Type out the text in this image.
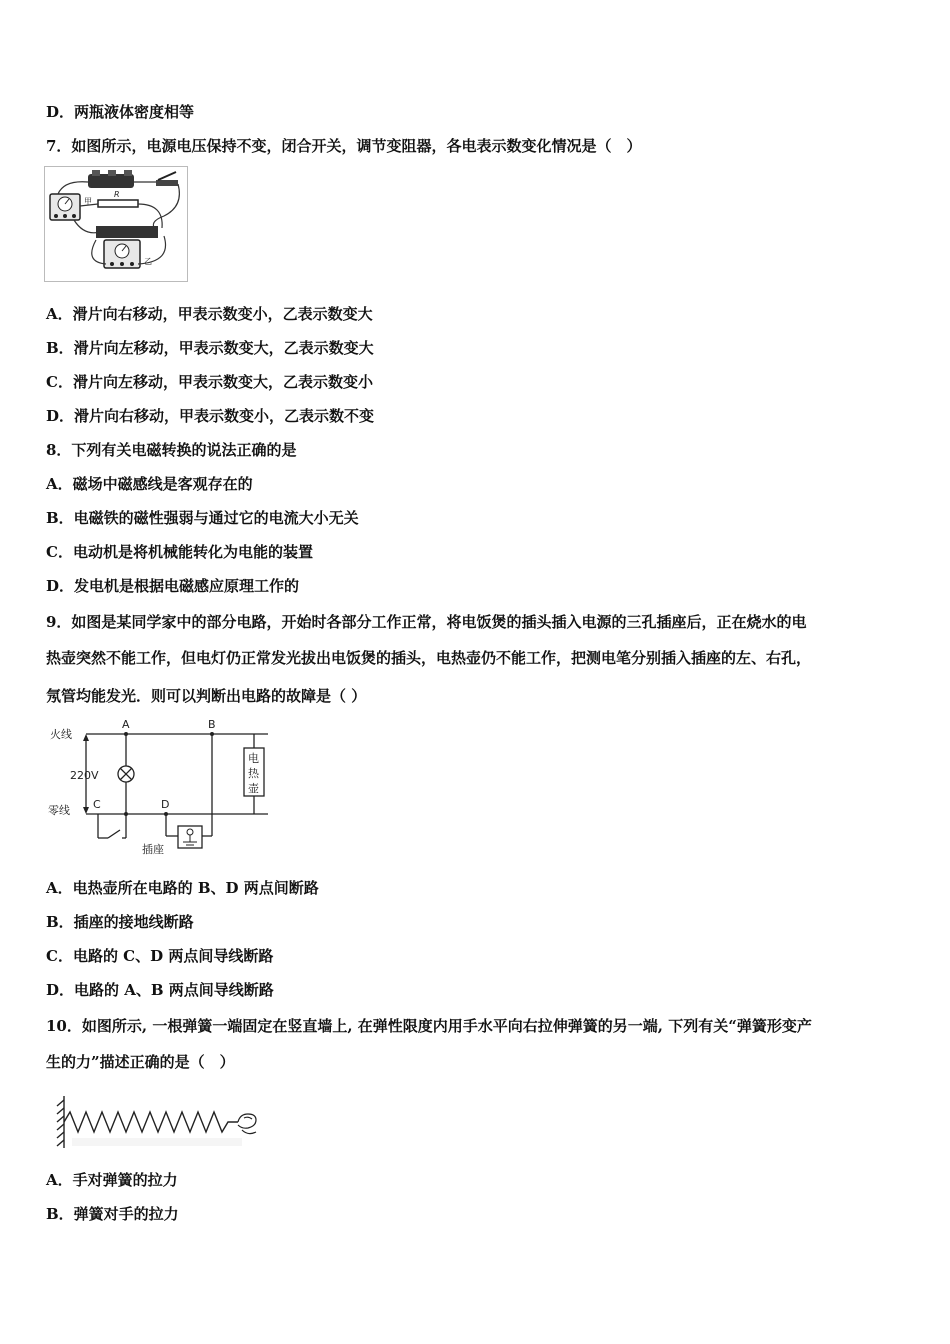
D．两瓶液体密度相等
7．如图所示，电源电压保持不变，闭合开关，调节变阻器，各电表示数变化情况是（　）
甲
R
乙
A．滑片向右移动，甲表示数变小，乙表示数变大
B．滑片向左移动，甲表示数变大，乙表示数变大
C．滑片向左移动，甲表示数变大，乙表示数变小
D．滑片向右移动，甲表示数变小，乙表示数不变
8．下列有关电磁转换的说法正确的是
A．磁场中磁感线是客观存在的
B．电磁铁的磁性强弱与通过它的电流大小无关
C．电动机是将机械能转化为电能的装置
D．发电机是根据电磁感应原理工作的
9．如图是某同学家中的部分电路，开始时各部分工作正常，将电饭煲的插头插入电源的三孔插座后，正在烧水的电
热壶突然不能工作，但电灯仍正常发光拔出电饭煲的插头，电热壶仍不能工作，把测电笔分别插入插座的左、右孔，
氖管均能发光．则可以判断出电路的故障是（ ）
火线
零线
220V
A	B
C	D
电
热
壶
插座
A．电热壶所在电路的 B、D 两点间断路
B．插座的接地线断路
C．电路的 C、D 两点间导线断路
D．电路的 A、B 两点间导线断路
10．如图所示, 一根弹簧一端固定在竖直墙上, 在弹性限度内用手水平向右拉伸弹簧的另一端, 下列有关“弹簧形变产
生的力”描述正确的是（　）
A．手对弹簧的拉力
B．弹簧对手的拉力
